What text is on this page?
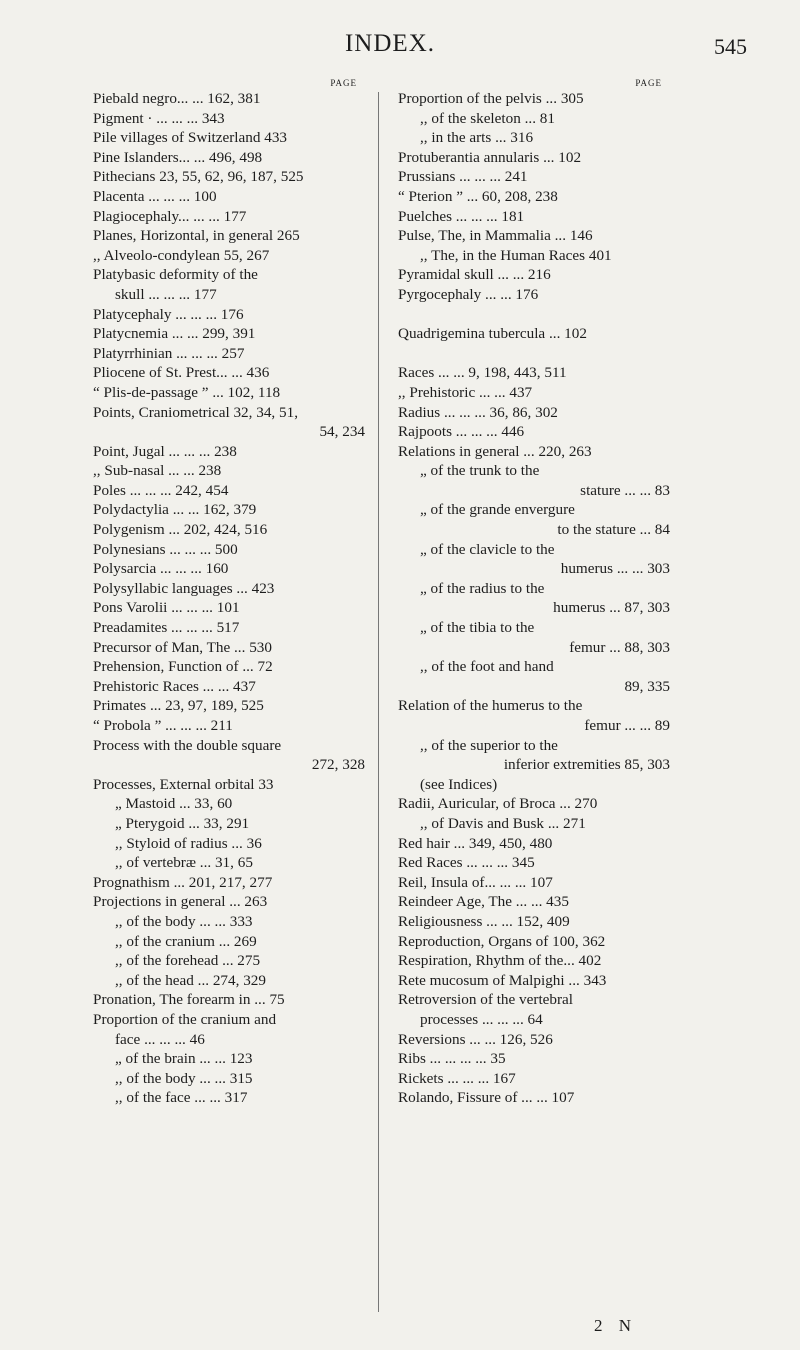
INDEX.	545
PAGE
Piebald negro... ... 162, 381
Pigment · ... ... ... 343
Pile villages of Switzerland 433
Pine Islanders... ... 496, 498
Pithecians 23, 55, 62, 96, 187, 525
Placenta ... ... ... 100
Plagiocephaly... ... ... 177
Planes, Horizontal, in general 265
,, Alveolo-condylean 55, 267
Platybasic deformity of the
skull ... ... ... 177
Platycephaly ... ... ... 176
Platycnemia ... ... 299, 391
Platyrrhinian ... ... ... 257
Pliocene of St. Prest... ... 436
“ Plis-de-passage ” ... 102, 118
Points, Craniometrical 32, 34, 51,
54, 234
Point, Jugal ... ... ... 238
,, Sub-nasal ... ... 238
Poles ... ... ... 242, 454
Polydactylia ... ... 162, 379
Polygenism ... 202, 424, 516
Polynesians ... ... ... 500
Polysarcia ... ... ... 160
Polysyllabic languages ... 423
Pons Varolii ... ... ... 101
Preadamites ... ... ... 517
Precursor of Man, The ... 530
Prehension, Function of ... 72
Prehistoric Races ... ... 437
Primates ... 23, 97, 189, 525
“ Probola ” ... ... ... 211
Process with the double square
272, 328
Processes, External orbital 33
„ Mastoid ... 33, 60
„ Pterygoid ... 33, 291
,, Styloid of radius ... 36
,, of vertebræ ... 31, 65
Prognathism ... 201, 217, 277
Projections in general ... 263
,, of the body ... ... 333
,, of the cranium ... 269
,, of the forehead ... 275
,, of the head ... 274, 329
Pronation, The forearm in ... 75
Proportion of the cranium and
face ... ... ... 46
„ of the brain ... ... 123
,, of the body ... ... 315
,, of the face ... ... 317
PAGE
Proportion of the pelvis ... 305
,, of the skeleton ... 81
,, in the arts ... 316
Protuberantia annularis ... 102
Prussians ... ... ... 241
“ Pterion ” ... 60, 208, 238
Puelches ... ... ... 181
Pulse, The, in Mammalia ... 146
,, The, in the Human Races 401
Pyramidal skull ... ... 216
Pyrgocephaly ... ... 176
Quadrigemina tubercula ... 102
Races ... ... 9, 198, 443, 511
,, Prehistoric ... ... 437
Radius ... ... ... 36, 86, 302
Rajpoots ... ... ... 446
Relations in general ... 220, 263
„ of the trunk to the
stature ... ... 83
„ of the grande envergure
to the stature ... 84
„ of the clavicle to the
humerus ... ... 303
„ of the radius to the
humerus ... 87, 303
„ of the tibia to the
femur ... 88, 303
,, of the foot and hand
89, 335
Relation of the humerus to the
femur ... ... 89
,, of the superior to the
inferior extremities 85, 303
(see Indices)
Radii, Auricular, of Broca ... 270
,, of Davis and Busk ... 271
Red hair ... 349, 450, 480
Red Races ... ... ... 345
Reil, Insula of... ... ... 107
Reindeer Age, The ... ... 435
Religiousness ... ... 152, 409
Reproduction, Organs of 100, 362
Respiration, Rhythm of the... 402
Rete mucosum of Malpighi ... 343
Retroversion of the vertebral
processes ... ... ... 64
Reversions ... ... 126, 526
Ribs ... ... ... ... 35
Rickets ... ... ... 167
Rolando, Fissure of ... ... 107
2 N
